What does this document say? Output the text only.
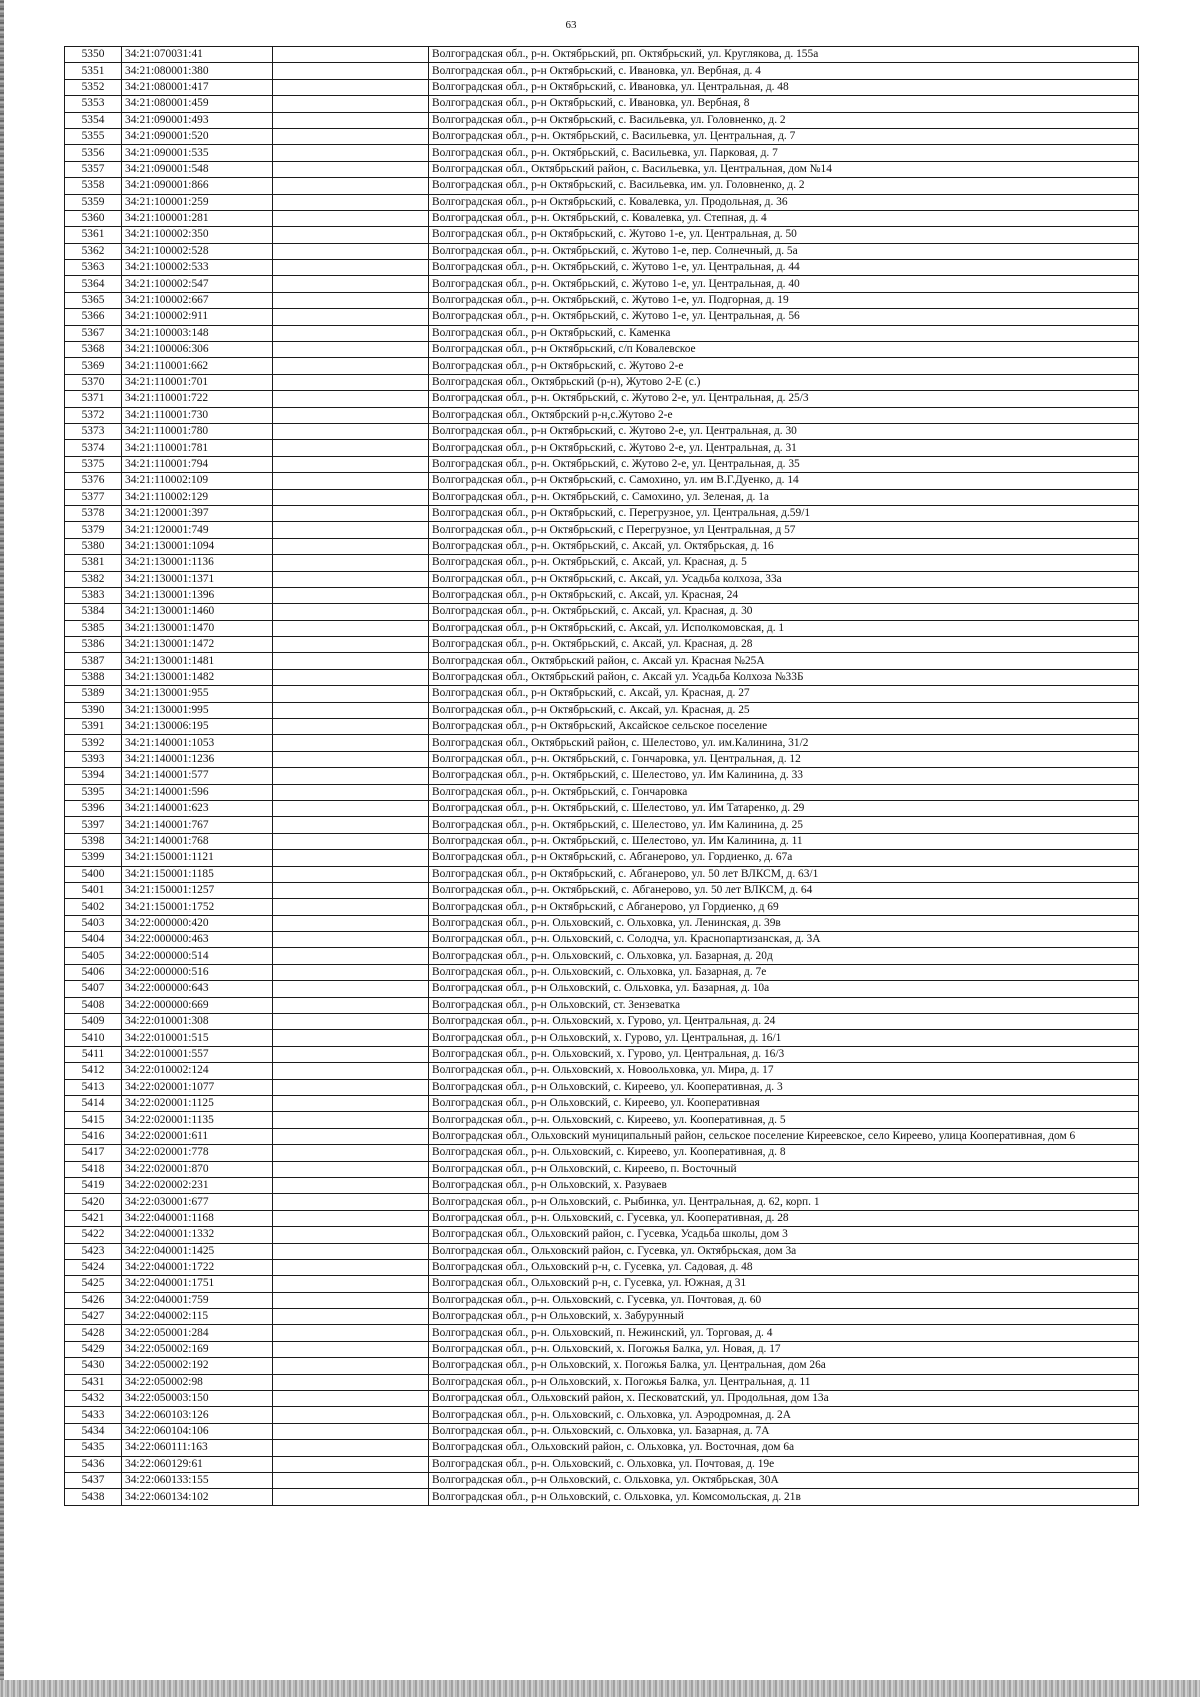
63
5350	34:21:070031:41		Волгоградская обл., р-н. Октябрьский, рп. Октябрьский, ул. Круглякова, д. 155а
5351	34:21:080001:380		Волгоградская обл., р-н Октябрьский, с. Ивановка, ул. Вербная, д. 4
5352	34:21:080001:417		Волгоградская обл., р-н Октябрьский, с. Ивановка, ул. Центральная, д. 48
5353	34:21:080001:459		Волгоградская обл., р-н Октябрьский, с. Ивановка, ул. Вербная, 8
5354	34:21:090001:493		Волгоградская обл., р-н Октябрьский, с. Васильевка, ул. Головненко, д. 2
5355	34:21:090001:520		Волгоградская обл., р-н. Октябрьский, с. Васильевка, ул. Центральная, д. 7
5356	34:21:090001:535		Волгоградская обл., р-н. Октябрьский, с. Васильевка, ул. Парковая, д. 7
5357	34:21:090001:548		Волгоградская обл., Октябрьский район, с. Васильевка, ул. Центральная, дом №14
5358	34:21:090001:866		Волгоградская обл., р-н Октябрьский, с. Васильевка, им. ул. Головненко, д. 2
5359	34:21:100001:259		Волгоградская обл., р-н Октябрьский, с. Ковалевка, ул. Продольная, д. 36
5360	34:21:100001:281		Волгоградская обл., р-н. Октябрьский, с. Ковалевка, ул. Степная, д. 4
5361	34:21:100002:350		Волгоградская обл., р-н Октябрьский, с. Жутово 1-е, ул. Центральная, д. 50
5362	34:21:100002:528		Волгоградская обл., р-н. Октябрьский, с. Жутово 1-е, пер. Солнечный, д. 5а
5363	34:21:100002:533		Волгоградская обл., р-н. Октябрьский, с. Жутово 1-е, ул. Центральная, д. 44
5364	34:21:100002:547		Волгоградская обл., р-н. Октябрьский, с. Жутово 1-е, ул. Центральная, д. 40
5365	34:21:100002:667		Волгоградская обл., р-н. Октябрьский, с. Жутово 1-е, ул. Подгорная, д. 19
5366	34:21:100002:911		Волгоградская обл., р-н. Октябрьский, с. Жутово 1-е, ул. Центральная, д. 56
5367	34:21:100003:148		Волгоградская обл., р-н Октябрьский, с. Каменка
5368	34:21:100006:306		Волгоградская обл., р-н Октябрьский, с/п Ковалевское
5369	34:21:110001:662		Волгоградская обл., р-н Октябрьский, с. Жутово 2-е
5370	34:21:110001:701		Волгоградская обл., Октябрьский (р-н), Жутово 2-Е (с.)
5371	34:21:110001:722		Волгоградская обл., р-н. Октябрьский, с. Жутово 2-е, ул. Центральная, д. 25/3
5372	34:21:110001:730		Волгоградская обл., Октябрский р-н,с.Жутово 2-е
5373	34:21:110001:780		Волгоградская обл., р-н Октябрьский, с. Жутово 2-е, ул. Центральная, д. 30
5374	34:21:110001:781		Волгоградская обл., р-н Октябрьский, с. Жутово 2-е, ул. Центральная, д. 31
5375	34:21:110001:794		Волгоградская обл., р-н. Октябрьский, с. Жутово 2-е, ул. Центральная, д. 35
5376	34:21:110002:109		Волгоградская обл., р-н Октябрьский, с. Самохино, ул. им В.Г.Дуенко, д. 14
5377	34:21:110002:129		Волгоградская обл., р-н. Октябрьский, с. Самохино, ул. Зеленая, д. 1а
5378	34:21:120001:397		Волгоградская обл., р-н Октябрьский, с. Перегрузное, ул. Центральная, д.59/1
5379	34:21:120001:749		Волгоградская обл., р-н Октябрьский, с Перегрузное, ул Центральная, д 57
5380	34:21:130001:1094		Волгоградская обл., р-н. Октябрьский, с. Аксай, ул. Октябрьская, д. 16
5381	34:21:130001:1136		Волгоградская обл., р-н. Октябрьский, с. Аксай, ул. Красная, д. 5
5382	34:21:130001:1371		Волгоградская обл., р-н Октябрьский, с. Аксай, ул. Усадьба колхоза, 33а
5383	34:21:130001:1396		Волгоградская обл., р-н Октябрьский, с. Аксай, ул. Красная, 24
5384	34:21:130001:1460		Волгоградская обл., р-н. Октябрьский, с. Аксай, ул. Красная, д. 30
5385	34:21:130001:1470		Волгоградская обл., р-н Октябрьский, с. Аксай, ул. Исполкомовская, д. 1
5386	34:21:130001:1472		Волгоградская обл., р-н. Октябрьский, с. Аксай, ул. Красная, д. 28
5387	34:21:130001:1481		Волгоградская обл., Октябрьский район, с. Аксай ул. Красная №25А
5388	34:21:130001:1482		Волгоградская обл., Октябрьский район, с. Аксай ул. Усадьба Колхоза №33Б
5389	34:21:130001:955		Волгоградская обл., р-н Октябрьский, с. Аксай, ул. Красная, д. 27
5390	34:21:130001:995		Волгоградская обл., р-н Октябрьский, с. Аксай, ул. Красная, д. 25
5391	34:21:130006:195		Волгоградская обл., р-н Октябрьский, Аксайское сельское поселение
5392	34:21:140001:1053		Волгоградская обл., Октябрьский район, с. Шелестово, ул. им.Калинина, 31/2
5393	34:21:140001:1236		Волгоградская обл., р-н. Октябрьский, с. Гончаровка, ул. Центральная, д. 12
5394	34:21:140001:577		Волгоградская обл., р-н. Октябрьский, с. Шелестово, ул. Им Калинина, д. 33
5395	34:21:140001:596		Волгоградская обл., р-н. Октябрьский, с. Гончаровка
5396	34:21:140001:623		Волгоградская обл., р-н. Октябрьский, с. Шелестово, ул. Им Татаренко, д. 29
5397	34:21:140001:767		Волгоградская обл., р-н. Октябрьский, с. Шелестово, ул. Им Калинина, д. 25
5398	34:21:140001:768		Волгоградская обл., р-н. Октябрьский, с. Шелестово, ул. Им Калинина, д. 11
5399	34:21:150001:1121		Волгоградская обл., р-н Октябрьский, с. Абганерово, ул. Гордиенко, д. 67а
5400	34:21:150001:1185		Волгоградская обл., р-н Октябрьский, с. Абганерово, ул. 50 лет ВЛКСМ, д. 63/1
5401	34:21:150001:1257		Волгоградская обл., р-н. Октябрьский, с. Абганерово, ул. 50 лет ВЛКСМ, д. 64
5402	34:21:150001:1752		Волгоградская обл., р-н Октябрьский, с Абганерово, ул Гордиенко, д 69
5403	34:22:000000:420		Волгоградская обл., р-н. Ольховский, с. Ольховка, ул. Ленинская, д. 39в
5404	34:22:000000:463		Волгоградская обл., р-н. Ольховский, с. Солодча, ул. Краснопартизанская, д. 3А
5405	34:22:000000:514		Волгоградская обл., р-н. Ольховский, с. Ольховка, ул. Базарная, д. 20д
5406	34:22:000000:516		Волгоградская обл., р-н. Ольховский, с. Ольховка, ул. Базарная, д. 7е
5407	34:22:000000:643		Волгоградская обл., р-н Ольховский, с. Ольховка, ул. Базарная, д. 10а
5408	34:22:000000:669		Волгоградская обл., р-н Ольховский, ст. Зензеватка
5409	34:22:010001:308		Волгоградская обл., р-н. Ольховский, х. Гурово, ул. Центральная, д. 24
5410	34:22:010001:515		Волгоградская обл., р-н Ольховский, х. Гурово, ул. Центральная, д. 16/1
5411	34:22:010001:557		Волгоградская обл., р-н. Ольховский, х. Гурово, ул. Центральная, д. 16/3
5412	34:22:010002:124		Волгоградская обл., р-н. Ольховский, х. Новоольховка, ул. Мира, д. 17
5413	34:22:020001:1077		Волгоградская обл., р-н Ольховский, с. Киреево, ул. Кооперативная, д. 3
5414	34:22:020001:1125		Волгоградская обл., р-н Ольховский, с. Киреево, ул. Кооперативная
5415	34:22:020001:1135		Волгоградская обл., р-н. Ольховский, с. Киреево, ул. Кооперативная, д. 5
5416	34:22:020001:611		Волгоградская обл., Ольховский муниципальный район, сельское поселение Киреевское, село Киреево, улица Кооперативная, дом 6
5417	34:22:020001:778		Волгоградская обл., р-н. Ольховский, с. Киреево, ул. Кооперативная, д. 8
5418	34:22:020001:870		Волгоградская обл., р-н Ольховский, с. Киреево, п. Восточный
5419	34:22:020002:231		Волгоградская обл., р-н Ольховский, х. Разуваев
5420	34:22:030001:677		Волгоградская обл., р-н Ольховский, с. Рыбинка, ул. Центральная, д. 62, корп. 1
5421	34:22:040001:1168		Волгоградская обл., р-н. Ольховский, с. Гусевка, ул. Кооперативная, д. 28
5422	34:22:040001:1332		Волгоградская обл., Ольховский район, с. Гусевка, Усадьба школы, дом 3
5423	34:22:040001:1425		Волгоградская обл., Ольховский район, с. Гусевка, ул. Октябрьская, дом 3а
5424	34:22:040001:1722		Волгоградская обл., Ольховский р-н, с. Гусевка, ул. Садовая, д. 48
5425	34:22:040001:1751		Волгоградская обл., Ольховский р-н, с. Гусевка, ул. Южная, д 31
5426	34:22:040001:759		Волгоградская обл., р-н. Ольховский, с. Гусевка, ул. Почтовая, д. 60
5427	34:22:040002:115		Волгоградская обл., р-н Ольховский, х. Забурунный
5428	34:22:050001:284		Волгоградская обл., р-н. Ольховский, п. Нежинский, ул. Торговая, д. 4
5429	34:22:050002:169		Волгоградская обл., р-н. Ольховский, х. Погожья Балка, ул. Новая, д. 17
5430	34:22:050002:192		Волгоградская обл., р-н Ольховский, х. Погожья Балка, ул. Центральная, дом 26а
5431	34:22:050002:98		Волгоградская обл., р-н Ольховский, х. Погожья Балка, ул. Центральная, д. 11
5432	34:22:050003:150		Волгоградская обл., Ольховский район, х. Песковатский, ул. Продольная, дом 13а
5433	34:22:060103:126		Волгоградская обл., р-н. Ольховский, с. Ольховка, ул. Аэродромная, д. 2А
5434	34:22:060104:106		Волгоградская обл., р-н. Ольховский, с. Ольховка, ул. Базарная, д. 7А
5435	34:22:060111:163		Волгоградская обл., Ольховский район, с. Ольховка, ул. Восточная, дом 6а
5436	34:22:060129:61		Волгоградская обл., р-н. Ольховский, с. Ольховка, ул. Почтовая, д. 19е
5437	34:22:060133:155		Волгоградская обл., р-н Ольховский, с. Ольховка, ул. Октябрьская, 30А
5438	34:22:060134:102		Волгоградская обл., р-н Ольховский, с. Ольховка, ул. Комсомольская, д. 21в
